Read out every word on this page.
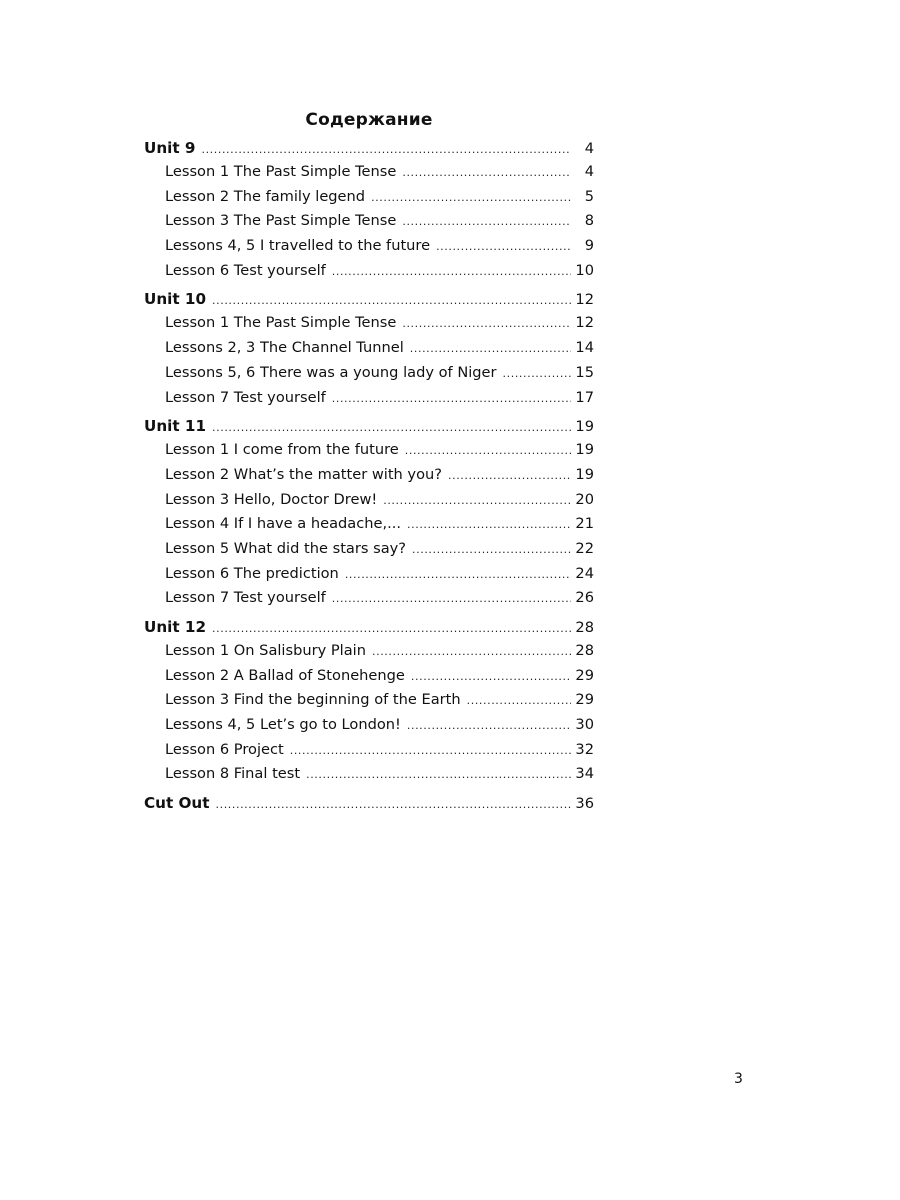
Содержание
Unit 9 .....	4
Lesson 1 The Past Simple Tense .....	4
Lesson 2 The family legend .....	5
Lesson 3 The Past Simple Tense .....	8
Lessons 4, 5 I travelled to the future .....	9
Lesson 6 Test yourself .....	10
Unit 10 .....	12
Lesson 1 The Past Simple Tense .....	12
Lessons 2, 3 The Channel Tunnel .....	14
Lessons 5, 6 There was a young lady of Niger .....	15
Lesson 7 Test yourself .....	17
Unit 11 .....	19
Lesson 1 I come from the future .....	19
Lesson 2 What’s the matter with you? .....	19
Lesson 3 Hello, Doctor Drew! .....	20
Lesson 4 If I have a headache,... .....	21
Lesson 5 What did the stars say? .....	22
Lesson 6 The prediction .....	24
Lesson 7 Test yourself .....	26
Unit 12 .....	28
Lesson 1 On Salisbury Plain .....	28
Lesson 2 A Ballad of Stonehenge .....	29
Lesson 3 Find the beginning of the Earth .....	29
Lessons 4, 5 Let’s go to London! .....	30
Lesson 6 Project .....	32
Lesson 8 Final test .....	34
Cut Out .....	36
3
